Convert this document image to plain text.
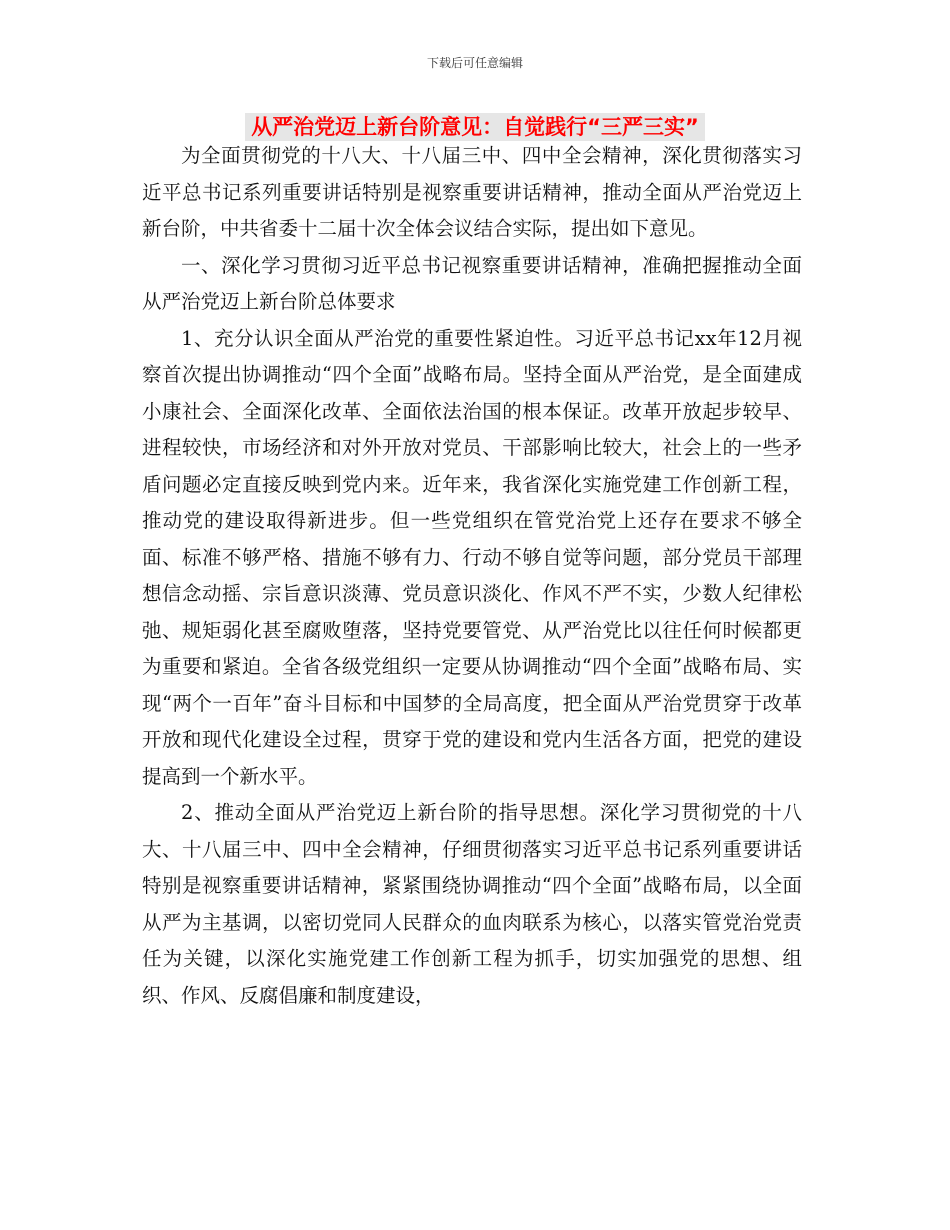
下载后可任意编辑
从严治党迈上新台阶意见：自觉践行“三严三实”

为全面贯彻党的十八大、十八届三中、四中全会精神，深化贯彻落实习近平总书记系列重要讲话特别是视察重要讲话精神，推动全面从严治党迈上新台阶，中共省委十二届十次全体会议结合实际，提出如下意见。

一、深化学习贯彻习近平总书记视察重要讲话精神，准确把握推动全面从严治党迈上新台阶总体要求

1、充分认识全面从严治党的重要性紧迫性。习近平总书记xx年12月视察首次提出协调推动“四个全面”战略布局。坚持全面从严治党，是全面建成小康社会、全面深化改革、全面依法治国的根本保证。改革开放起步较早、进程较快，市场经济和对外开放对党员、干部影响比较大，社会上的一些矛盾问题必定直接反映到党内来。近年来，我省深化实施党建工作创新工程，推动党的建设取得新进步。但一些党组织在管党治党上还存在要求不够全面、标准不够严格、措施不够有力、行动不够自觉等问题，部分党员干部理想信念动摇、宗旨意识淡薄、党员意识淡化、作风不严不实，少数人纪律松弛、规矩弱化甚至腐败堕落，坚持党要管党、从严治党比以往任何时候都更为重要和紧迫。全省各级党组织一定要从协调推动“四个全面”战略布局、实现“两个一百年”奋斗目标和中国梦的全局高度，把全面从严治党贯穿于改革开放和现代化建设全过程，贯穿于党的建设和党内生活各方面，把党的建设提高到一个新水平。

2、推动全面从严治党迈上新台阶的指导思想。深化学习贯彻党的十八大、十八届三中、四中全会精神，仔细贯彻落实习近平总书记系列重要讲话特别是视察重要讲话精神，紧紧围绕协调推动“四个全面”战略布局，以全面从严为主基调，以密切党同人民群众的血肉联系为核心，以落实管党治党责任为关键，以深化实施党建工作创新工程为抓手，切实加强党的思想、组织、作风、反腐倡廉和制度建设，
